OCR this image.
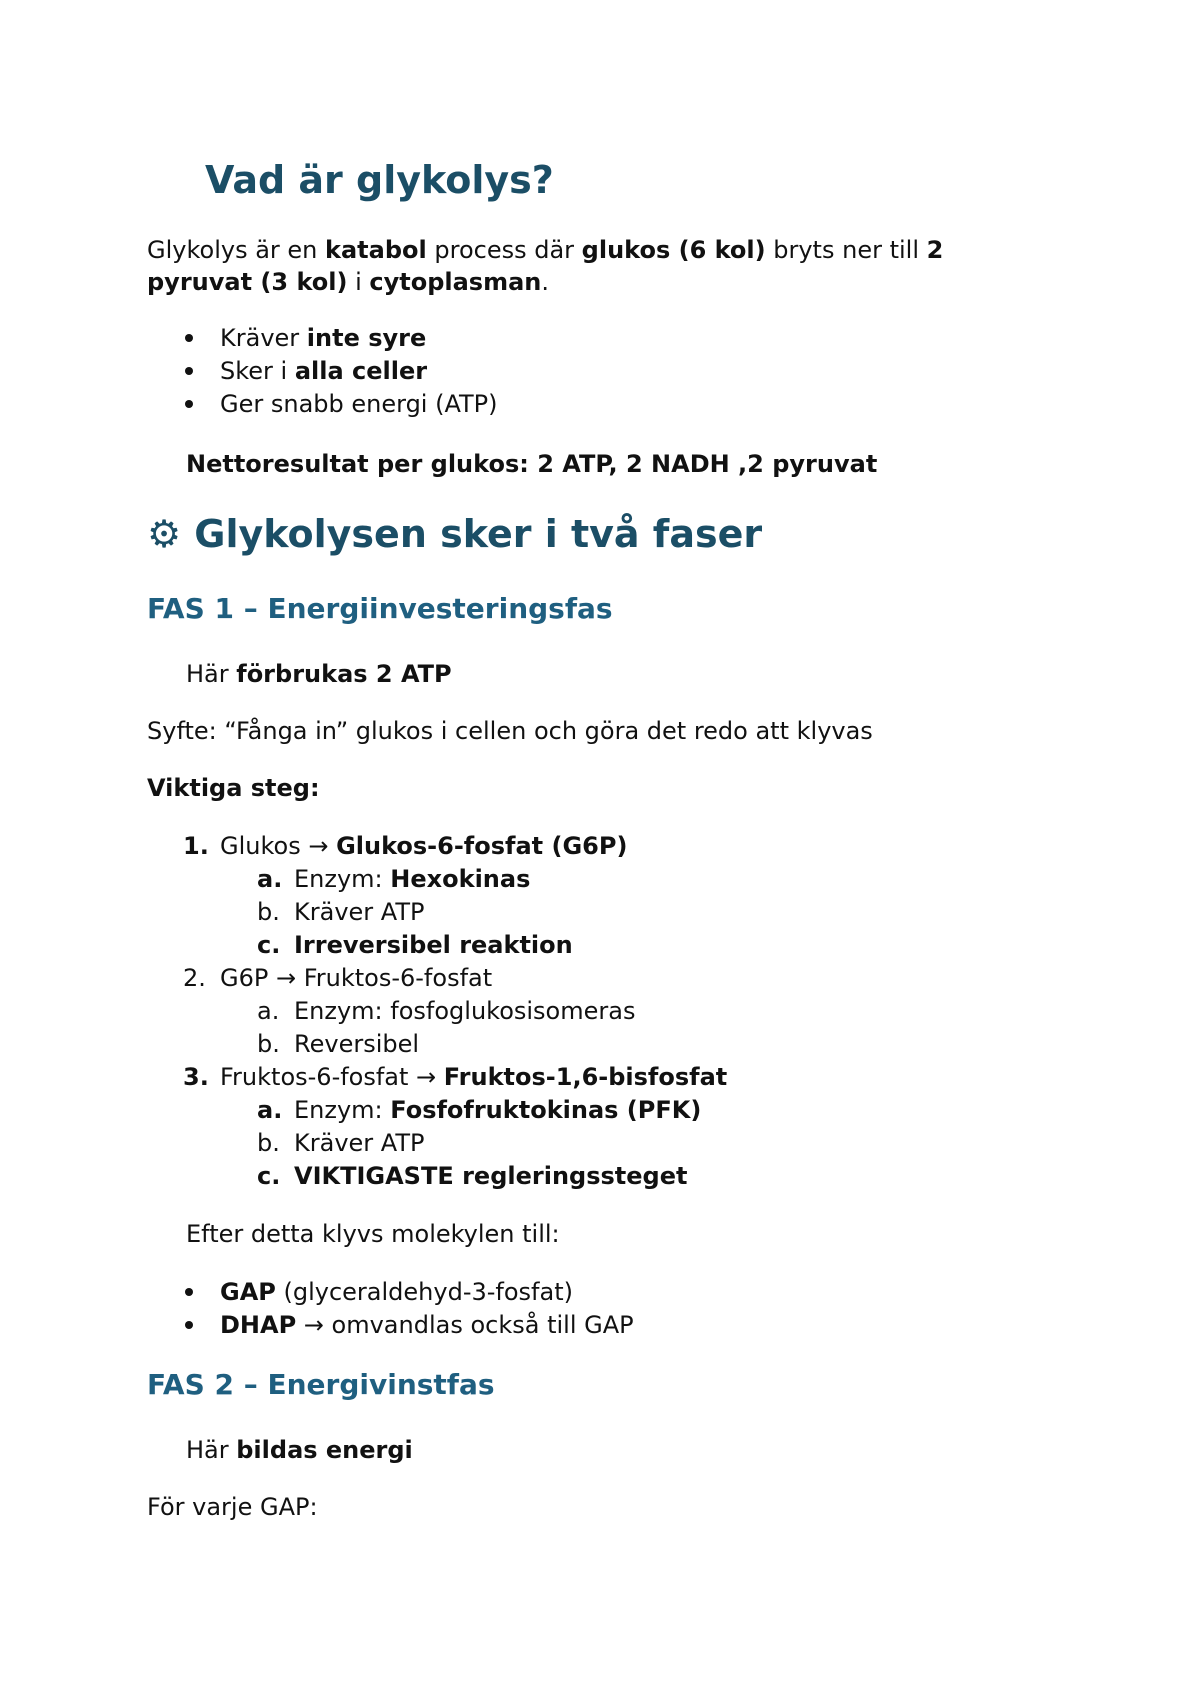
Vad är glykolys?
Glykolys är en katabol process där glukos (6 kol) bryts ner till 2
pyruvat (3 kol) i cytoplasman.
Kräver inte syre
Sker i alla celler
Ger snabb energi (ATP)
Nettoresultat per glukos: 2 ATP, 2 NADH ,2 pyruvat
⚙ Glykolysen sker i två faser
FAS 1 – Energiinvesteringsfas
Här förbrukas 2 ATP
Syfte: “Fånga in” glukos i cellen och göra det redo att klyvas
Viktiga steg:
1. Glukos → Glukos-6-fosfat (G6P)
a. Enzym: Hexokinas
b. Kräver ATP
c. Irreversibel reaktion
2. G6P → Fruktos-6-fosfat
a. Enzym: fosfoglukosisomeras
b. Reversibel
3. Fruktos-6-fosfat → Fruktos-1,6-bisfosfat
a. Enzym: Fosfofruktokinas (PFK)
b. Kräver ATP
c. VIKTIGASTE regleringssteget
Efter detta klyvs molekylen till:
GAP (glyceraldehyd-3-fosfat)
DHAP → omvandlas också till GAP
FAS 2 – Energivinstfas
Här bildas energi
För varje GAP:
